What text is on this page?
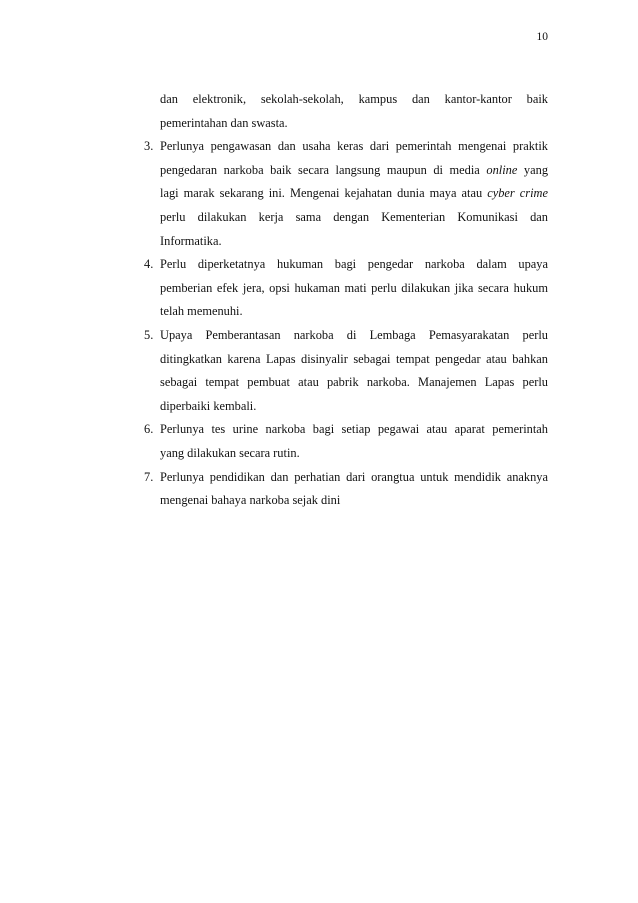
10
dan elektronik, sekolah-sekolah, kampus dan kantor-kantor baik
pemerintahan dan swasta.
3. Perlunya pengawasan dan usaha keras dari pemerintah mengenai praktik
pengedaran narkoba baik secara langsung maupun di media online yang
lagi marak sekarang ini. Mengenai kejahatan dunia maya atau cyber crime
perlu dilakukan kerja sama dengan Kementerian Komunikasi dan
Informatika.
4. Perlu diperketatnya hukuman bagi pengedar narkoba dalam upaya
pemberian efek jera, opsi hukaman mati perlu dilakukan jika secara hukum
telah memenuhi.
5. Upaya Pemberantasan narkoba di Lembaga Pemasyarakatan perlu
ditingkatkan karena Lapas disinyalir sebagai tempat pengedar atau bahkan
sebagai tempat pembuat atau pabrik narkoba. Manajemen Lapas perlu
diperbaiki kembali.
6. Perlunya tes urine narkoba bagi setiap pegawai atau aparat pemerintah
yang dilakukan secara rutin.
7. Perlunya pendidikan dan perhatian dari orangtua untuk mendidik anaknya
mengenai bahaya narkoba sejak dini
